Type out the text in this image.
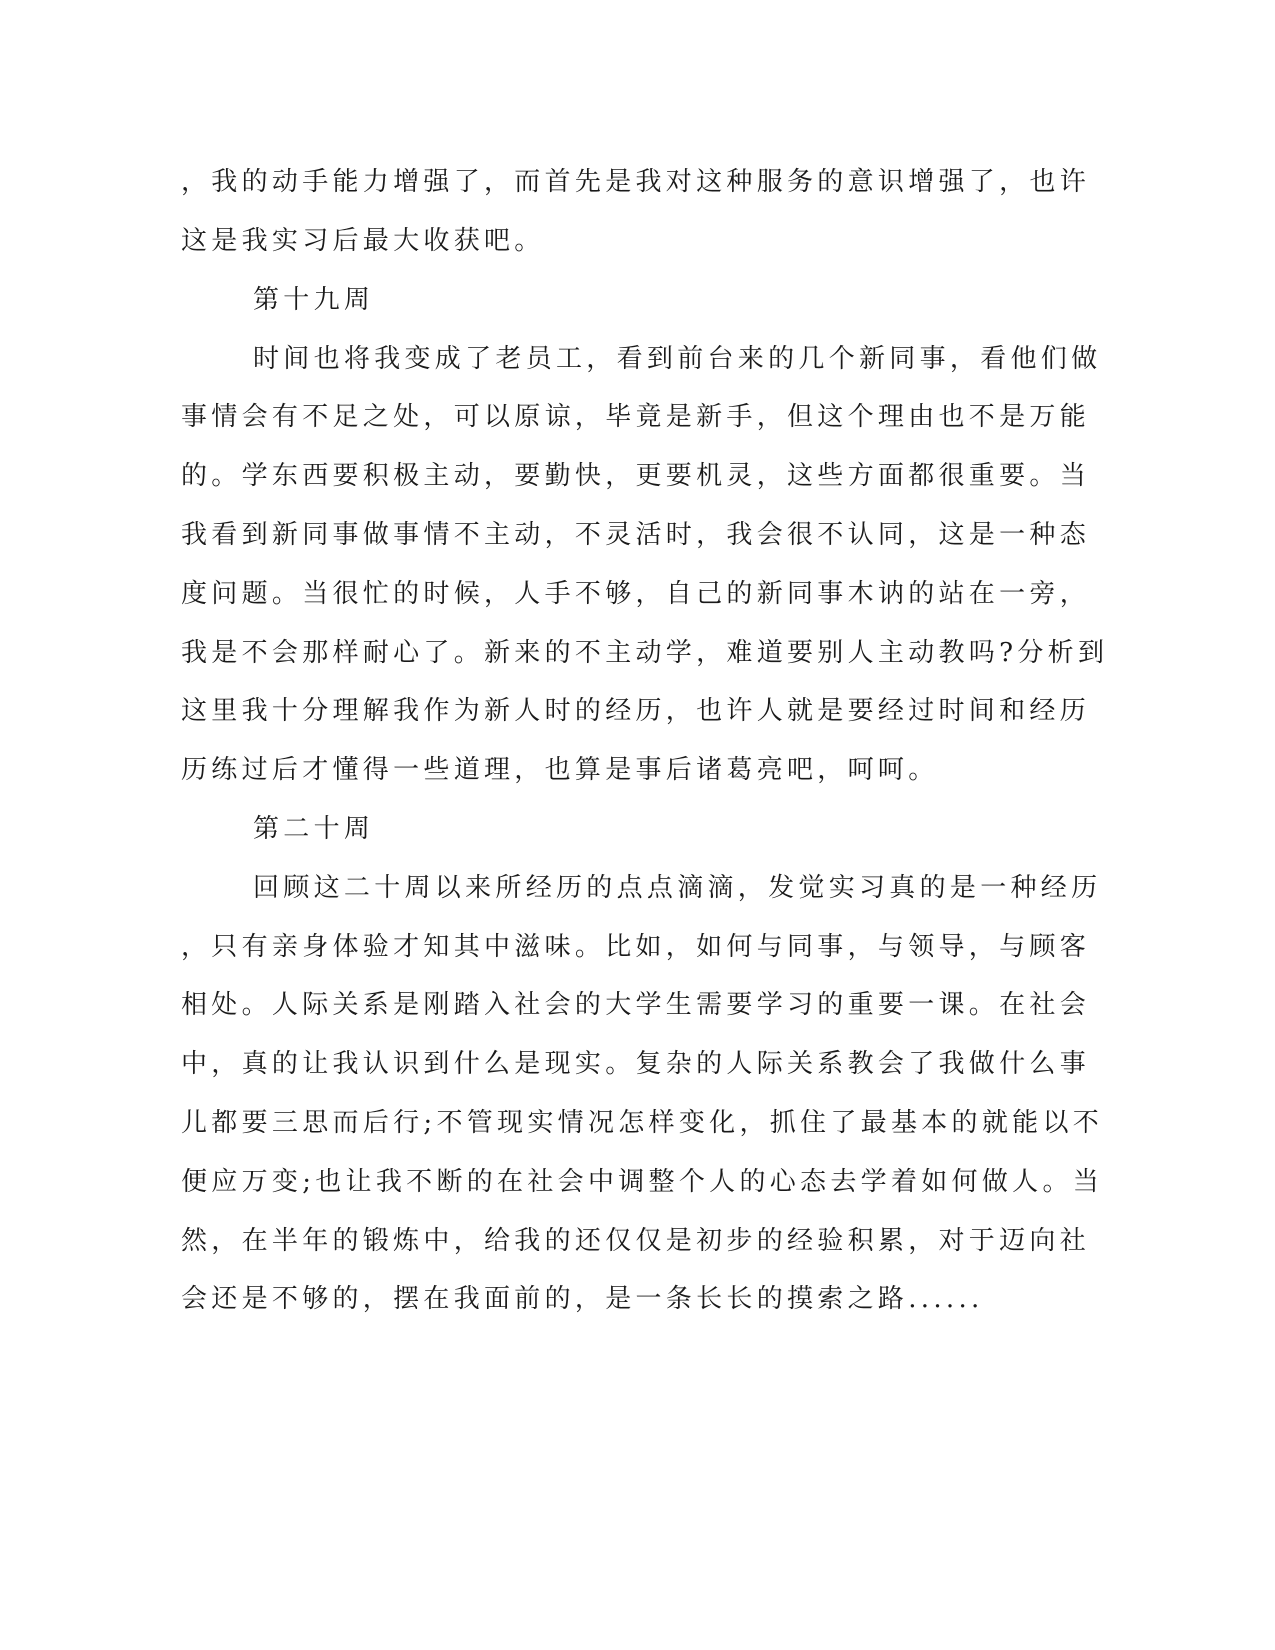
，我的动手能力增强了，而首先是我对这种服务的意识增强了，也许
这是我实习后最大收获吧。
第十九周
时间也将我变成了老员工，看到前台来的几个新同事，看他们做
事情会有不足之处，可以原谅，毕竟是新手，但这个理由也不是万能
的。学东西要积极主动，要勤快，更要机灵，这些方面都很重要。当
我看到新同事做事情不主动，不灵活时，我会很不认同，这是一种态
度问题。当很忙的时候，人手不够，自己的新同事木讷的站在一旁，
我是不会那样耐心了。新来的不主动学，难道要别人主动教吗?分析到
这里我十分理解我作为新人时的经历，也许人就是要经过时间和经历
历练过后才懂得一些道理，也算是事后诸葛亮吧，呵呵。
第二十周
回顾这二十周以来所经历的点点滴滴，发觉实习真的是一种经历
，只有亲身体验才知其中滋味。比如，如何与同事，与领导，与顾客
相处。人际关系是刚踏入社会的大学生需要学习的重要一课。在社会
中，真的让我认识到什么是现实。复杂的人际关系教会了我做什么事
儿都要三思而后行;不管现实情况怎样变化，抓住了最基本的就能以不
便应万变;也让我不断的在社会中调整个人的心态去学着如何做人。当
然，在半年的锻炼中，给我的还仅仅是初步的经验积累，对于迈向社
会还是不够的，摆在我面前的，是一条长长的摸索之路......
